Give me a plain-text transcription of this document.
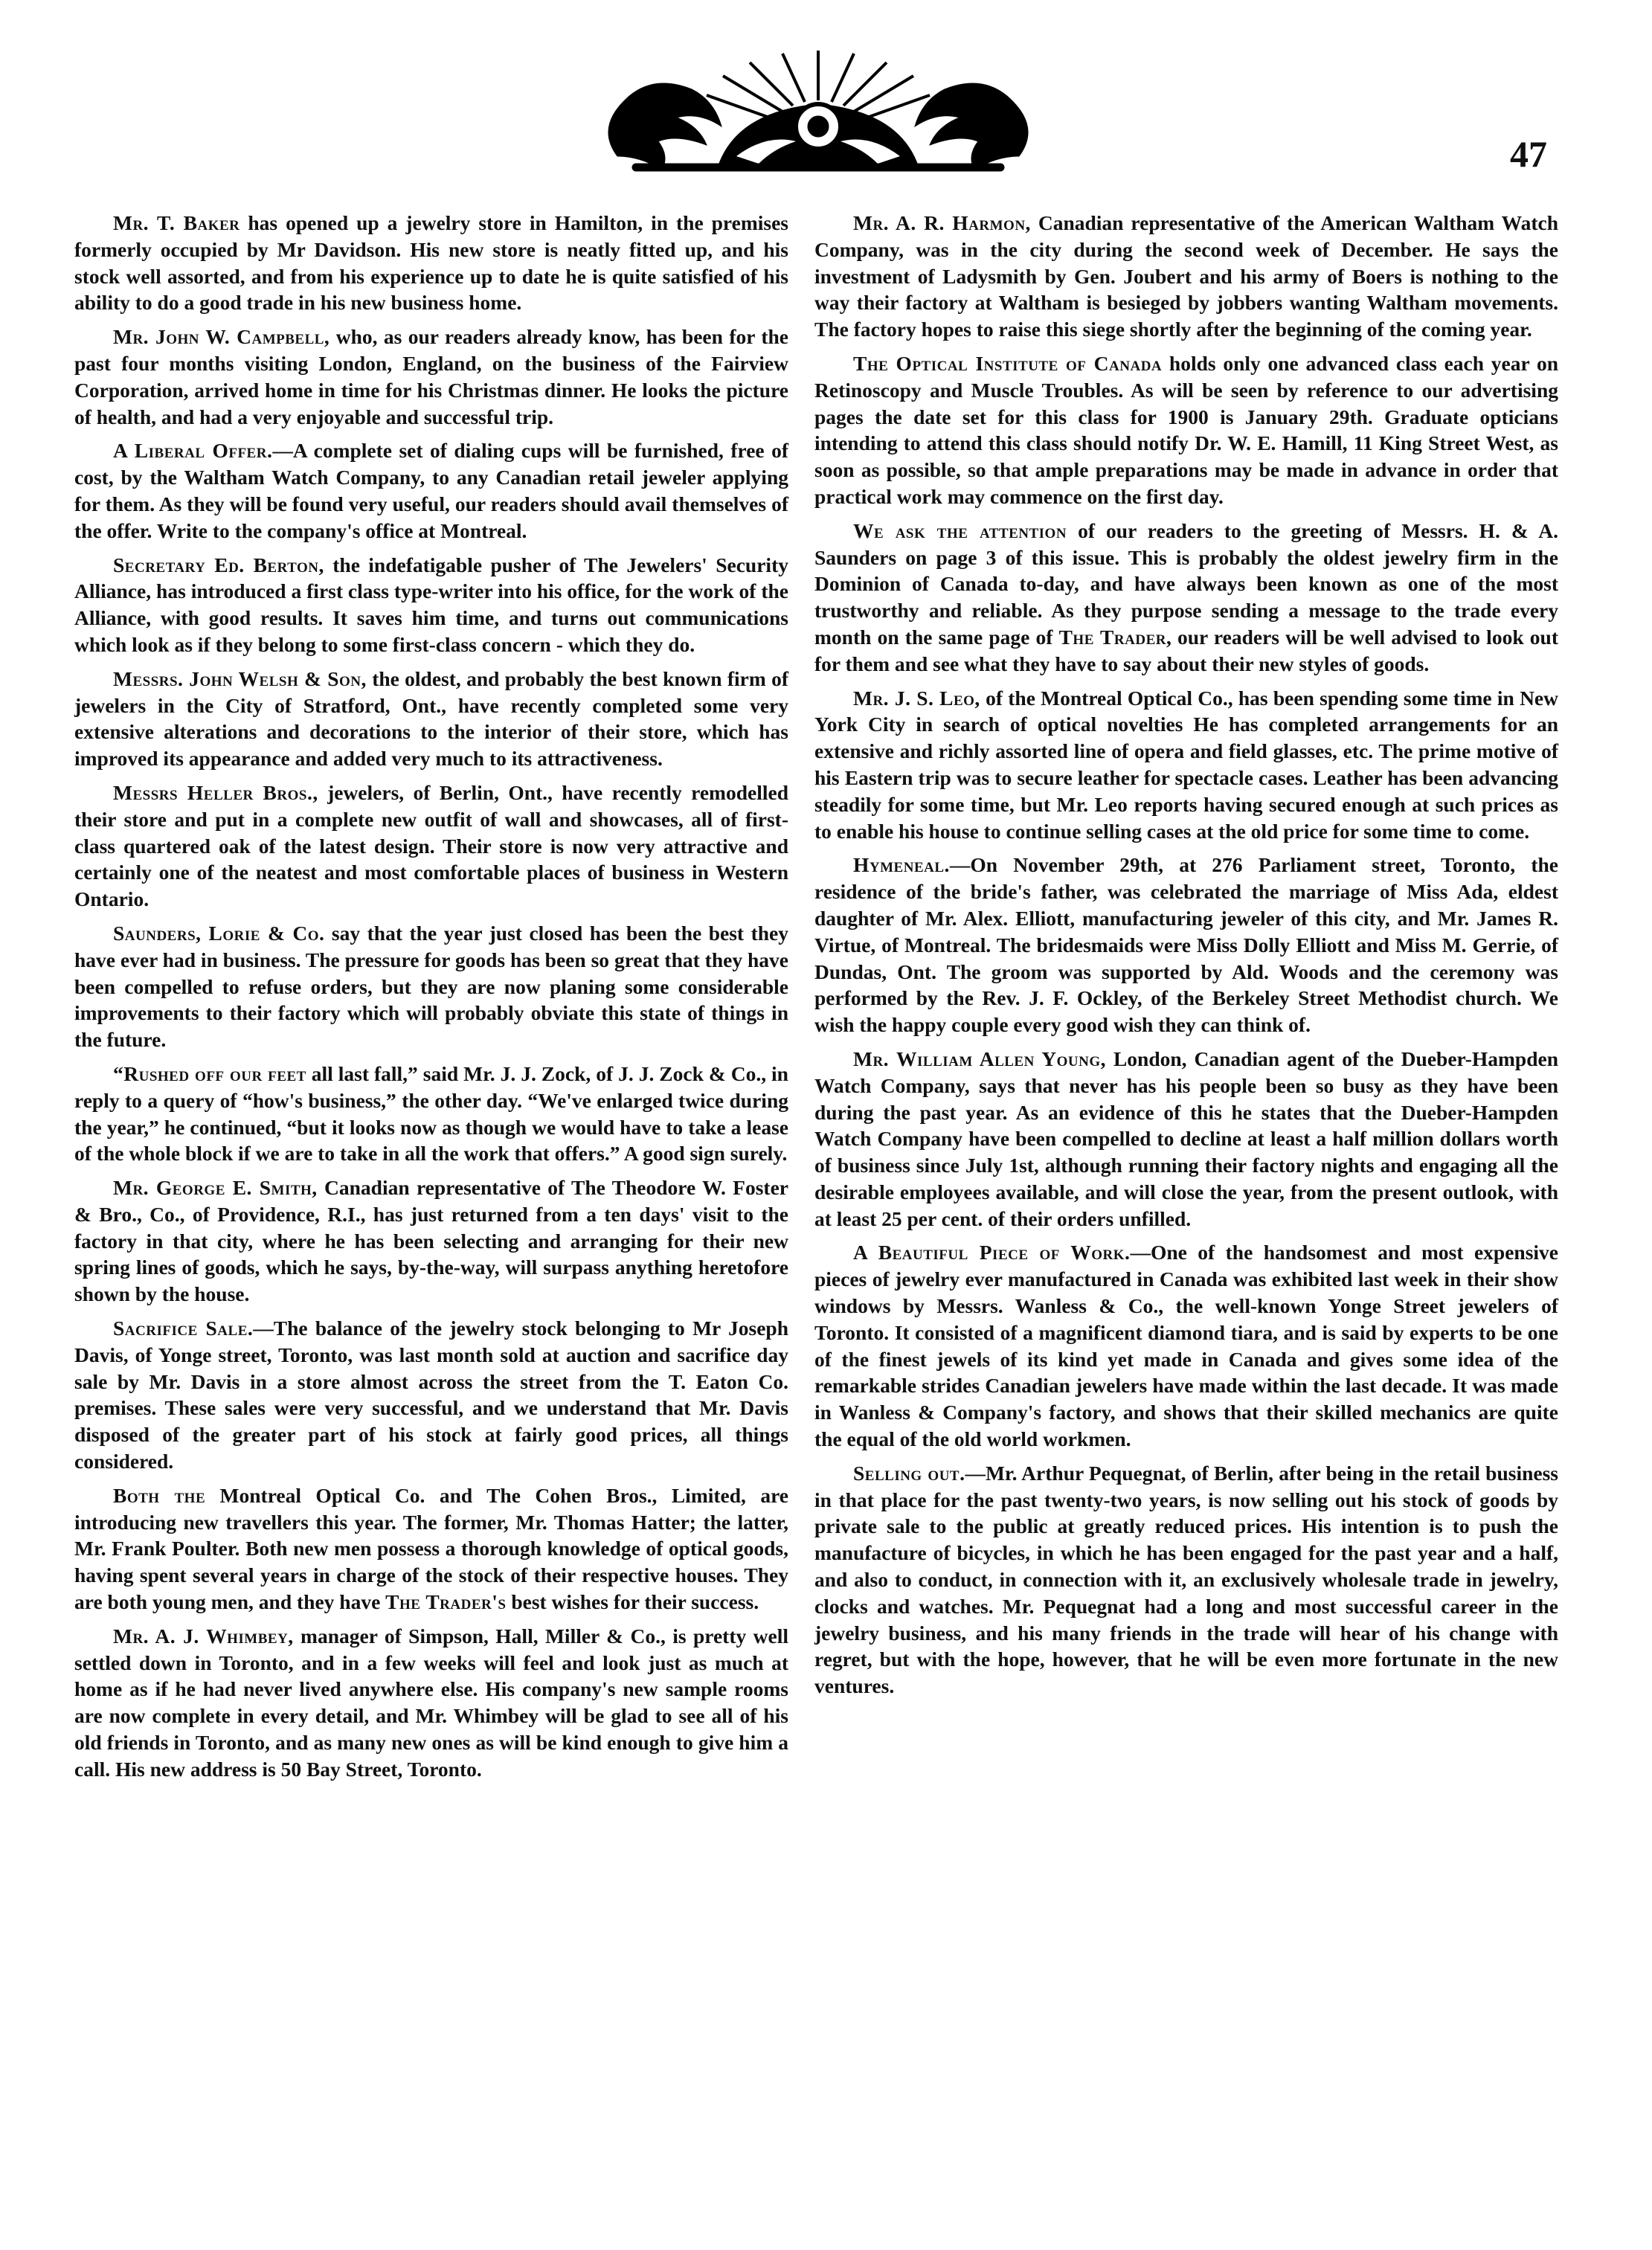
47

Mr. T. Baker has opened up a jewelry store in Hamilton, in the premises formerly occupied by Mr Davidson. His new store is neatly fitted up, and his stock well assorted, and from his experience up to date he is quite satisfied of his ability to do a good trade in his new business home.

Mr. John W. Campbell, who, as our readers already know, has been for the past four months visiting London, England, on the business of the Fairview Corporation, arrived home in time for his Christmas dinner. He looks the picture of health, and had a very enjoyable and successful trip.

A Liberal Offer.—A complete set of dialing cups will be furnished, free of cost, by the Waltham Watch Company, to any Canadian retail jeweler applying for them. As they will be found very useful, our readers should avail themselves of the offer. Write to the company's office at Montreal.

Secretary Ed. Berton, the indefatigable pusher of The Jewelers' Security Alliance, has introduced a first class type-writer into his office, for the work of the Alliance, with good results. It saves him time, and turns out communications which look as if they belong to some first-class concern - which they do.

Messrs. John Welsh & Son, the oldest, and probably the best known firm of jewelers in the City of Stratford, Ont., have recently completed some very extensive alterations and decorations to the interior of their store, which has improved its appearance and added very much to its attractiveness.

Messrs Heller Bros., jewelers, of Berlin, Ont., have recently remodelled their store and put in a complete new outfit of wall and showcases, all of first-class quartered oak of the latest design. Their store is now very attractive and certainly one of the neatest and most comfortable places of business in Western Ontario.

Saunders, Lorie & Co. say that the year just closed has been the best they have ever had in business. The pressure for goods has been so great that they have been compelled to refuse orders, but they are now planing some considerable improvements to their factory which will probably obviate this state of things in the future.

“Rushed off our feet all last fall,” said Mr. J. J. Zock, of J. J. Zock & Co., in reply to a query of “how's business,” the other day. “We've enlarged twice during the year,” he continued, “but it looks now as though we would have to take a lease of the whole block if we are to take in all the work that offers.” A good sign surely.

Mr. George E. Smith, Canadian representative of The Theodore W. Foster & Bro., Co., of Providence, R.I., has just returned from a ten days' visit to the factory in that city, where he has been selecting and arranging for their new spring lines of goods, which he says, by-the-way, will surpass anything heretofore shown by the house.

Sacrifice Sale.—The balance of the jewelry stock belonging to Mr Joseph Davis, of Yonge street, Toronto, was last month sold at auction and sacrifice day sale by Mr. Davis in a store almost across the street from the T. Eaton Co. premises. These sales were very successful, and we understand that Mr. Davis disposed of the greater part of his stock at fairly good prices, all things considered.

Both the Montreal Optical Co. and The Cohen Bros., Limited, are introducing new travellers this year. The former, Mr. Thomas Hatter; the latter, Mr. Frank Poulter. Both new men possess a thorough knowledge of optical goods, having spent several years in charge of the stock of their respective houses. They are both young men, and they have The Trader's best wishes for their success.

Mr. A. J. Whimbey, manager of Simpson, Hall, Miller & Co., is pretty well settled down in Toronto, and in a few weeks will feel and look just as much at home as if he had never lived anywhere else. His company's new sample rooms are now complete in every detail, and Mr. Whimbey will be glad to see all of his old friends in Toronto, and as many new ones as will be kind enough to give him a call. His new address is 50 Bay Street, Toronto.

Mr. A. R. Harmon, Canadian representative of the American Waltham Watch Company, was in the city during the second week of December. He says the investment of Ladysmith by Gen. Joubert and his army of Boers is nothing to the way their factory at Waltham is besieged by jobbers wanting Waltham movements. The factory hopes to raise this siege shortly after the beginning of the coming year.

The Optical Institute of Canada holds only one advanced class each year on Retinoscopy and Muscle Troubles. As will be seen by reference to our advertising pages the date set for this class for 1900 is January 29th. Graduate opticians intending to attend this class should notify Dr. W. E. Hamill, 11 King Street West, as soon as possible, so that ample preparations may be made in advance in order that practical work may commence on the first day.

We ask the attention of our readers to the greeting of Messrs. H. & A. Saunders on page 3 of this issue. This is probably the oldest jewelry firm in the Dominion of Canada to-day, and have always been known as one of the most trustworthy and reliable. As they purpose sending a message to the trade every month on the same page of The Trader, our readers will be well advised to look out for them and see what they have to say about their new styles of goods.

Mr. J. S. Leo, of the Montreal Optical Co., has been spending some time in New York City in search of optical novelties He has completed arrangements for an extensive and richly assorted line of opera and field glasses, etc. The prime motive of his Eastern trip was to secure leather for spectacle cases. Leather has been advancing steadily for some time, but Mr. Leo reports having secured enough at such prices as to enable his house to continue selling cases at the old price for some time to come.

Hymeneal.—On November 29th, at 276 Parliament street, Toronto, the residence of the bride's father, was celebrated the marriage of Miss Ada, eldest daughter of Mr. Alex. Elliott, manufacturing jeweler of this city, and Mr. James R. Virtue, of Montreal. The bridesmaids were Miss Dolly Elliott and Miss M. Gerrie, of Dundas, Ont. The groom was supported by Ald. Woods and the ceremony was performed by the Rev. J. F. Ockley, of the Berkeley Street Methodist church. We wish the happy couple every good wish they can think of.

Mr. William Allen Young, London, Canadian agent of the Dueber-Hampden Watch Company, says that never has his people been so busy as they have been during the past year. As an evidence of this he states that the Dueber-Hampden Watch Company have been compelled to decline at least a half million dollars worth of business since July 1st, although running their factory nights and engaging all the desirable employees available, and will close the year, from the present outlook, with at least 25 per cent. of their orders unfilled.

A Beautiful Piece of Work.—One of the handsomest and most expensive pieces of jewelry ever manufactured in Canada was exhibited last week in their show windows by Messrs. Wanless & Co., the well-known Yonge Street jewelers of Toronto. It consisted of a magnificent diamond tiara, and is said by experts to be one of the finest jewels of its kind yet made in Canada and gives some idea of the remarkable strides Canadian jewelers have made within the last decade. It was made in Wanless & Company's factory, and shows that their skilled mechanics are quite the equal of the old world workmen.

Selling out.—Mr. Arthur Pequegnat, of Berlin, after being in the retail business in that place for the past twenty-two years, is now selling out his stock of goods by private sale to the public at greatly reduced prices. His intention is to push the manufacture of bicycles, in which he has been engaged for the past year and a half, and also to conduct, in connection with it, an exclusively wholesale trade in jewelry, clocks and watches. Mr. Pequegnat had a long and most successful career in the jewelry business, and his many friends in the trade will hear of his change with regret, but with the hope, however, that he will be even more fortunate in the new ventures.
